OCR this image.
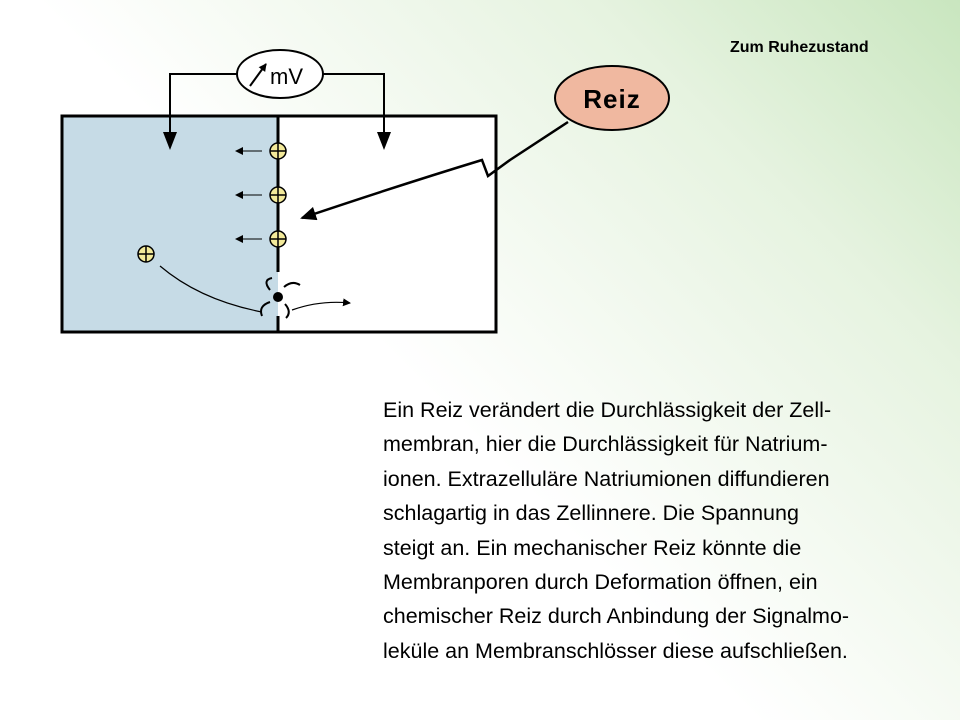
mV
Reiz
Zum Ruhezustand

Ein Reiz verändert die Durchlässigkeit der Zell-
membran, hier die Durchlässigkeit für Natrium-
ionen. Extrazelluläre Natriumionen diffundieren
schlagartig in das Zellinnere. Die Spannung
steigt an. Ein mechanischer Reiz könnte die
Membranporen durch Deformation öffnen, ein
chemischer Reiz durch Anbindung der Signalmo-
leküle an Membranschlösser diese aufschließen.
